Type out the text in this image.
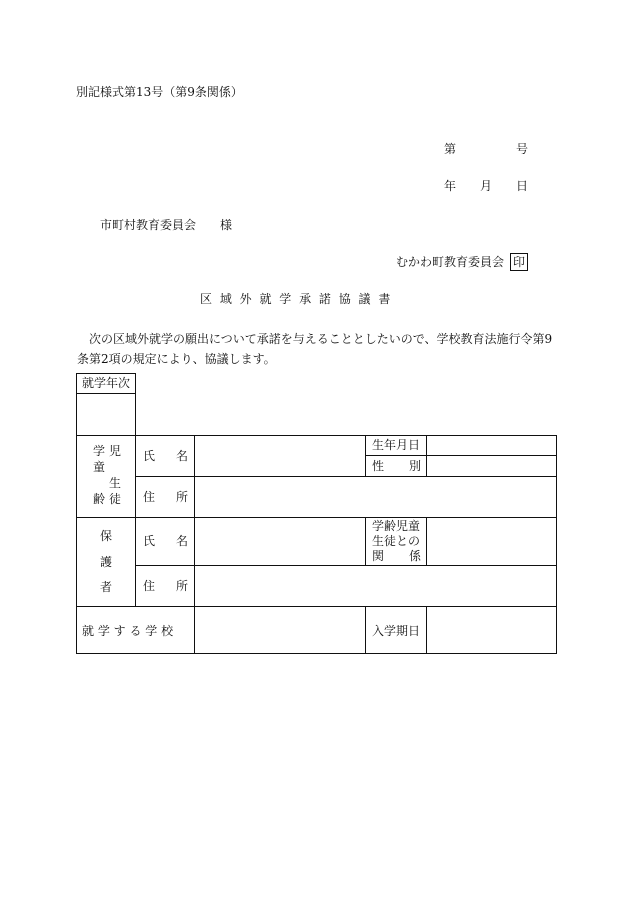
別記様式第13号（第9条関係）
第	号
年 月 日
市町村教育委員会 様
むかわ町教育委員会 印
区 域 外 就 学 承 諾 協 議 書
次の区域外就学の願出について承諾を与えることとしたいので、学校教育法施行令第9条第2項の規定により、協議します。
就学年次
学
童
齢
児
生
徒
保
護
者
氏 名
住 所
生年月日
性 別
氏 名
住 所
学齢児童
生徒との
関 係
就 学 す る 学 校	入学期日
